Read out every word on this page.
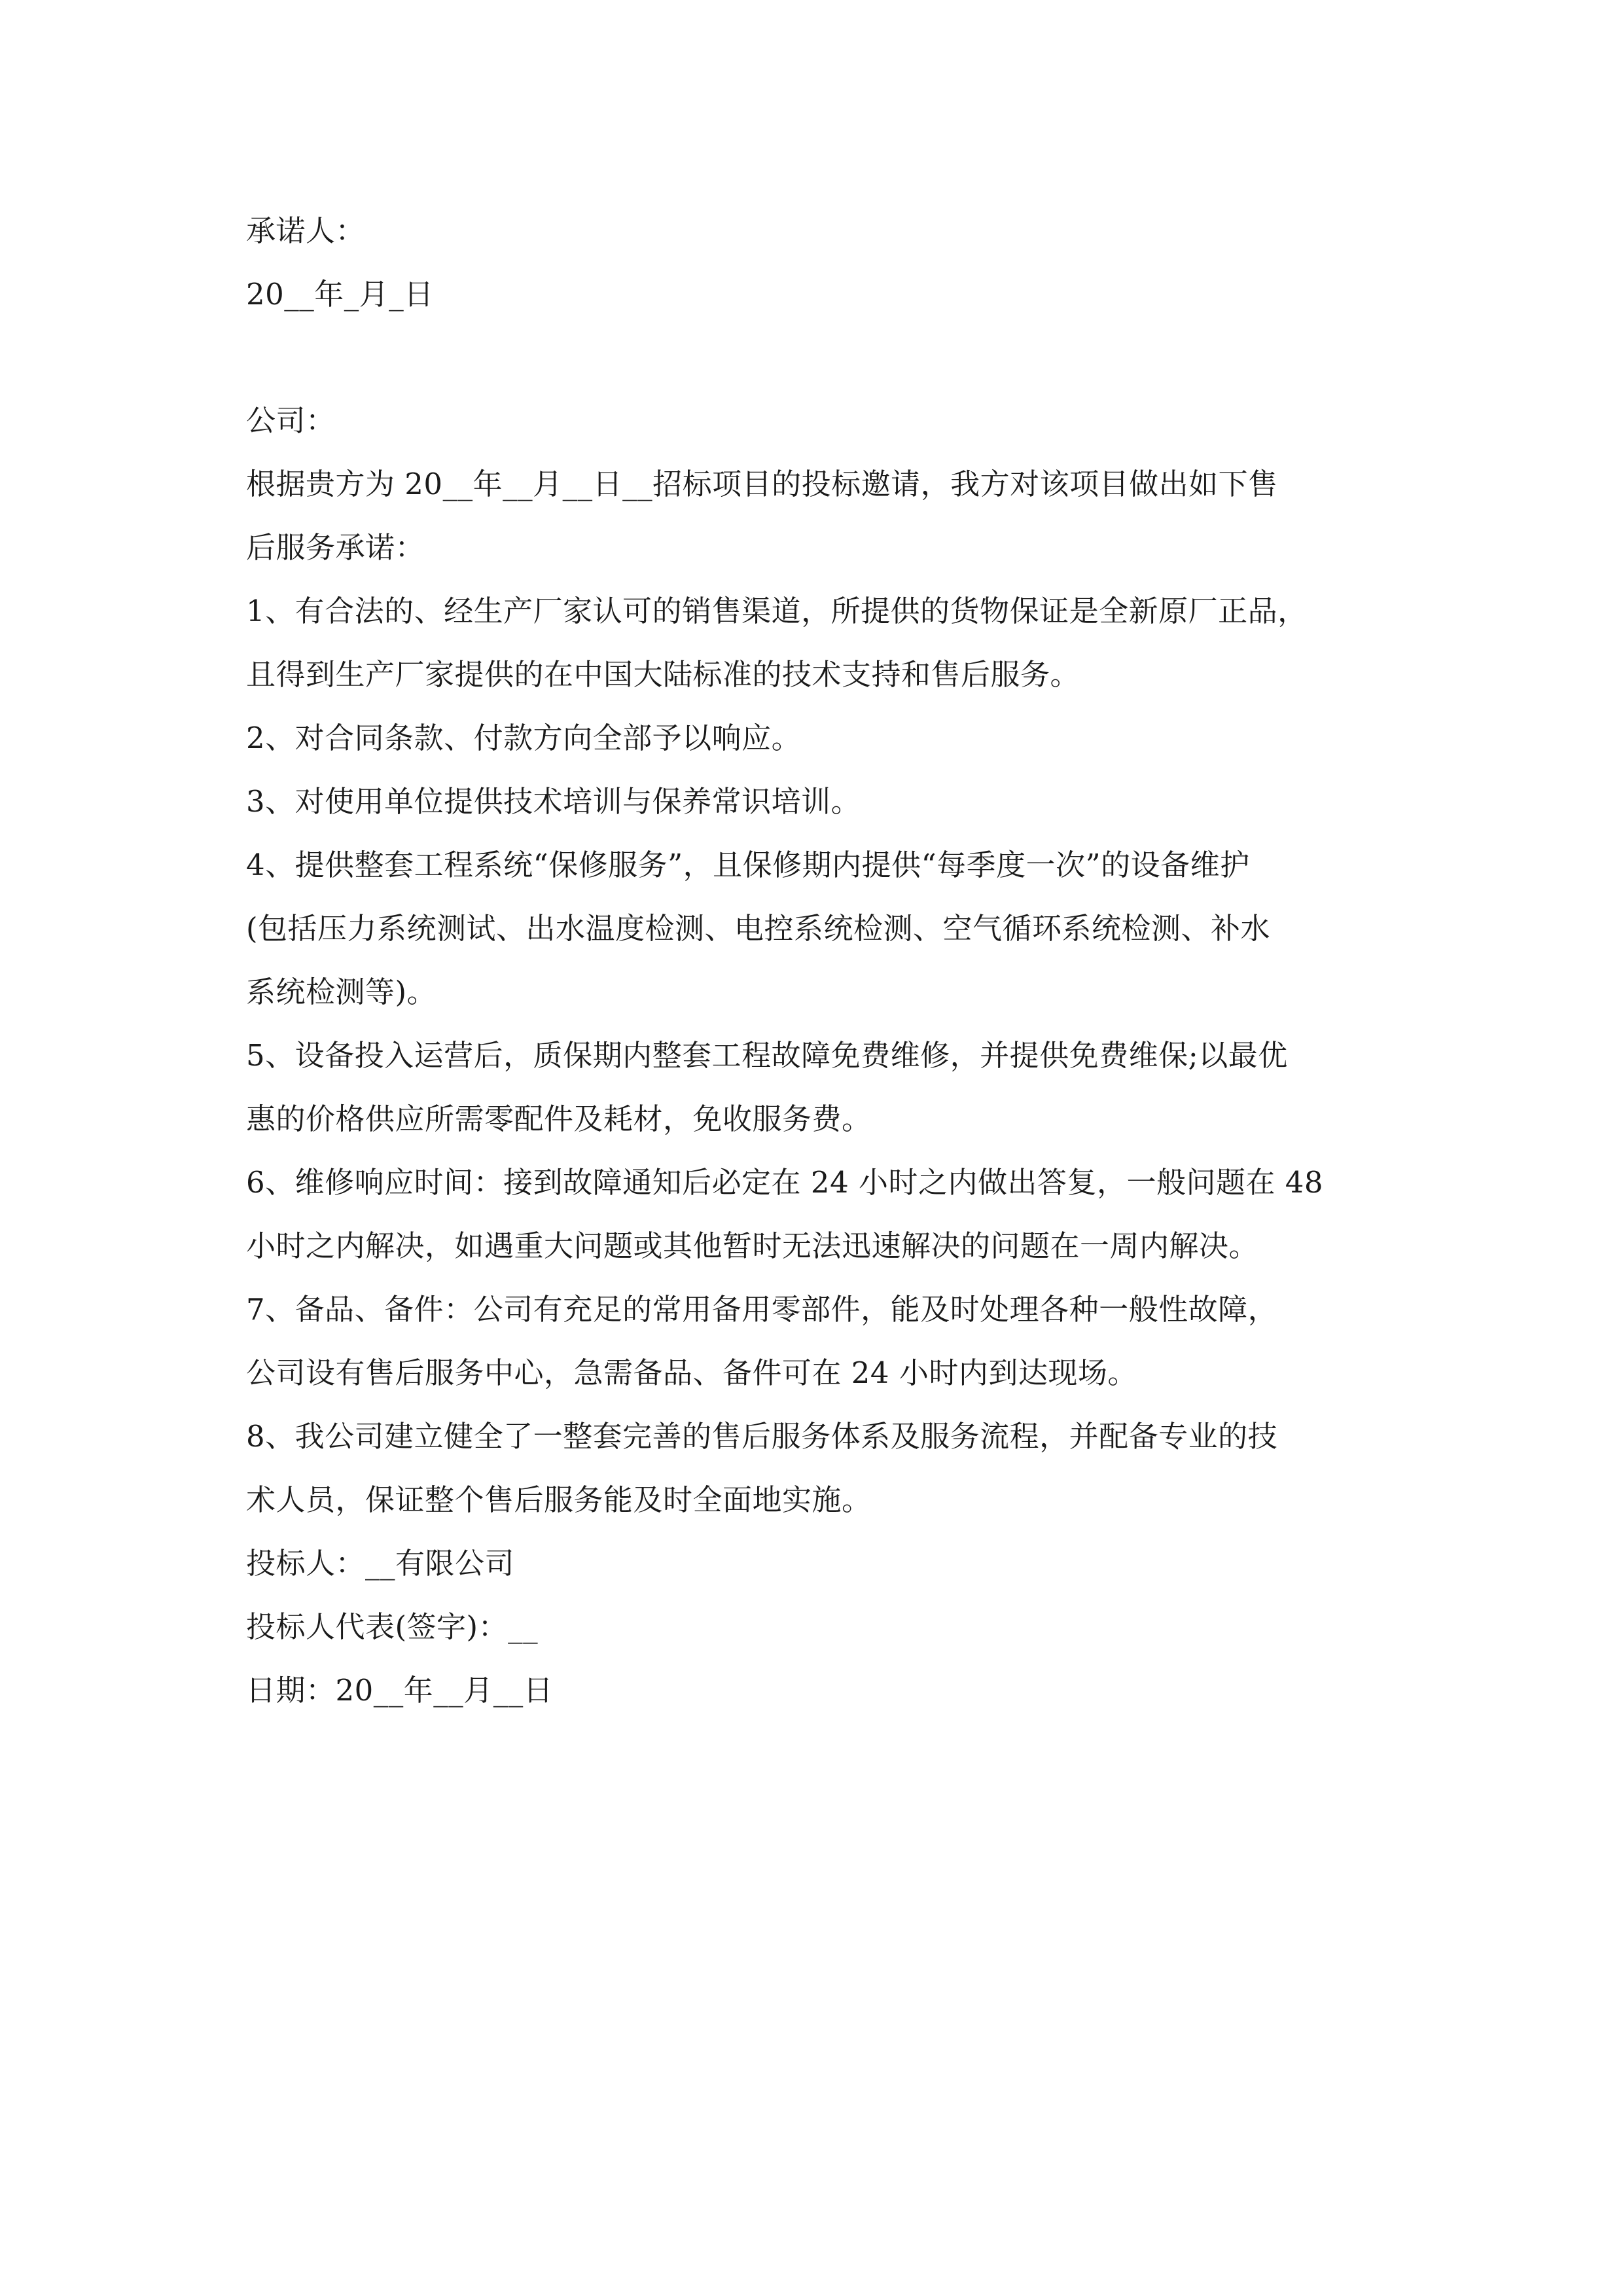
承诺人：
20__年_月_日
公司：
根据贵方为 20__年__月__日__招标项目的投标邀请，我方对该项目做出如下售
后服务承诺：
1、有合法的、经生产厂家认可的销售渠道，所提供的货物保证是全新原厂正品，
且得到生产厂家提供的在中国大陆标准的技术支持和售后服务。
2、对合同条款、付款方向全部予以响应。
3、对使用单位提供技术培训与保养常识培训。
4、提供整套工程系统“保修服务”，且保修期内提供“每季度一次”的设备维护
(包括压力系统测试、出水温度检测、电控系统检测、空气循环系统检测、补水
系统检测等)。
5、设备投入运营后，质保期内整套工程故障免费维修，并提供免费维保;以最优
惠的价格供应所需零配件及耗材，免收服务费。
6、维修响应时间：接到故障通知后必定在 24 小时之内做出答复，一般问题在 48
小时之内解决，如遇重大问题或其他暂时无法迅速解决的问题在一周内解决。
7、备品、备件：公司有充足的常用备用零部件，能及时处理各种一般性故障，
公司设有售后服务中心，急需备品、备件可在 24 小时内到达现场。
8、我公司建立健全了一整套完善的售后服务体系及服务流程，并配备专业的技
术人员，保证整个售后服务能及时全面地实施。
投标人：__有限公司
投标人代表(签字)：__
日期：20__年__月__日
